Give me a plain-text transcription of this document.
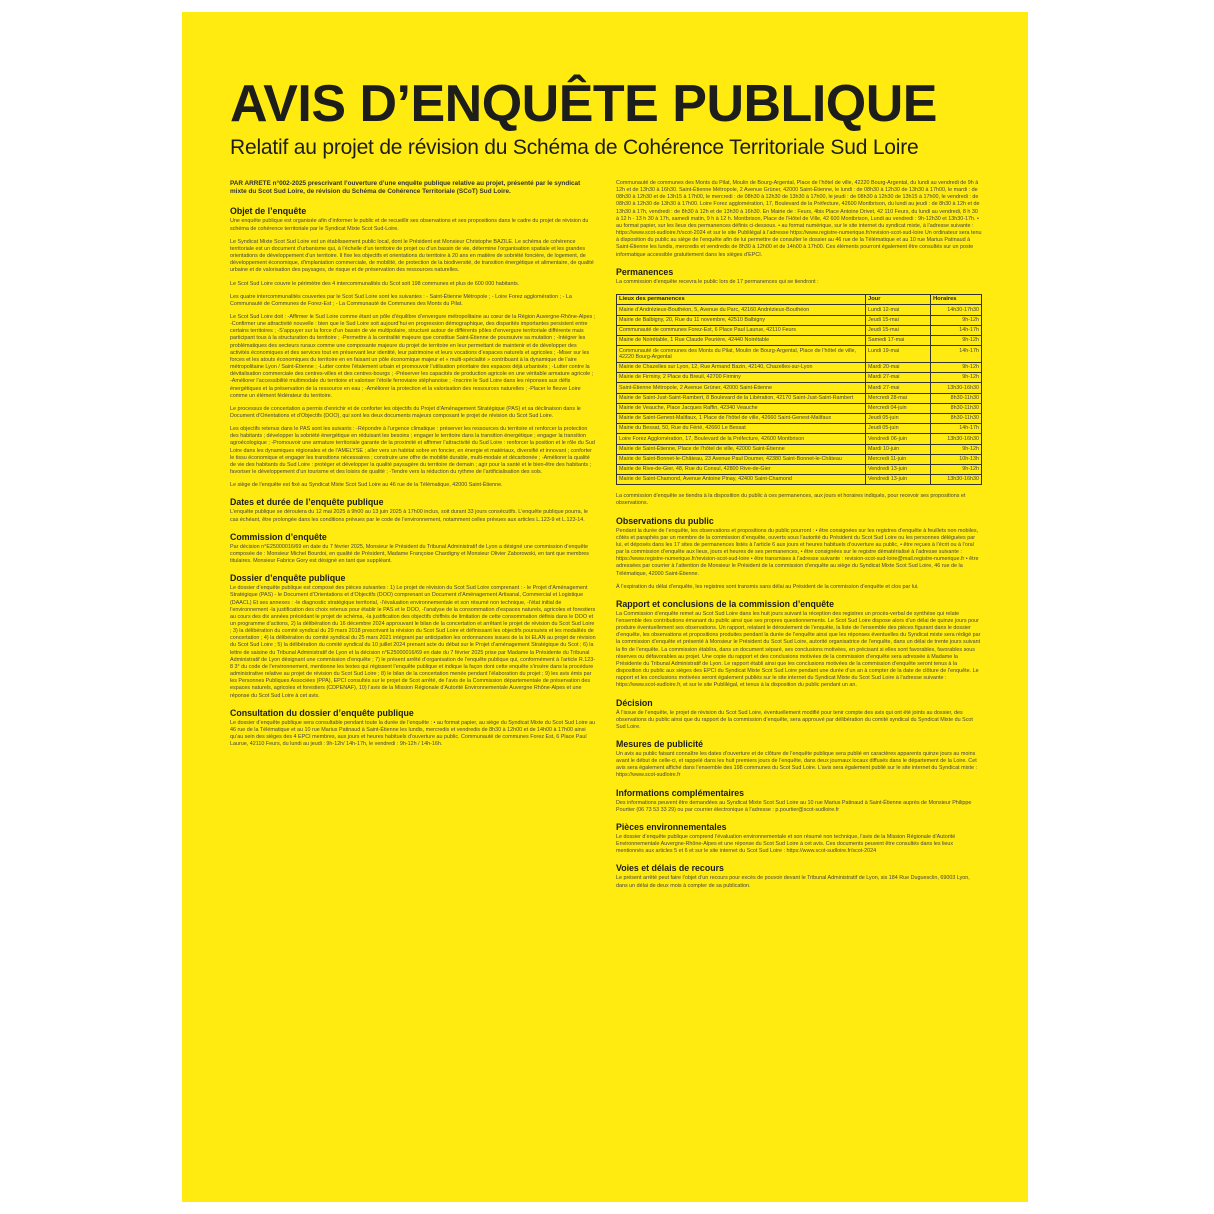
AVIS D’ENQUÊTE PUBLIQUE
Relatif au projet de révision du Schéma de Cohérence Territoriale Sud Loire

PAR ARRÊTÉ n°002-2025 prescrivant l’ouverture d’une enquête publique relative au projet, présenté par le syndicat mixte du Scot Sud Loire, de révision du Schéma de Cohérence Territoriale (SCoT) Sud Loire.

Objet de l’enquête

Une enquête publique est organisée afin d’informer le public et de recueillir ses observations et ses propositions dans le cadre du projet de révision du schéma de cohérence territoriale par le Syndicat Mixte Scot Sud-Loire.

Le Syndicat Mixte Scot Sud Loire est un établissement public local, dont le Président est Monsieur Christophe BAZILE. Le schéma de cohérence territoriale est un document d’urbanisme qui, à l’échelle d’un territoire de projet ou d’un bassin de vie, détermine l’organisation spatiale et les grandes orientations de développement d’un territoire. Il fixe les objectifs et orientations du territoire à 20 ans en matière de sobriété foncière, de logement, de développement économique, d’implantation commerciale, de mobilité, de protection de la biodiversité, de transition énergétique et alimentaire, de qualité urbaine et de valorisation des paysages, de risque et de préservation des ressources naturelles.

Le Scot Sud Loire couvre le périmètre des 4 intercommunalités du Scot soit 198 communes et plus de 600 000 habitants.

Les quatre intercommunalités couvertes par le Scot Sud Loire sont les suivantes : - Saint-Étienne Métropole ; - Loire Forez agglomération ; - La Communauté de Communes de Forez-Est ; - La Communauté de Communes des Monts du Pilat.

Le Scot Sud Loire doit : -Affirmer le Sud Loire comme étant un pôle d’équilibre d’envergure métropolitaine au cœur de la Région Auvergne-Rhône-Alpes ; -Confirmer une attractivité nouvelle : bien que le Sud Loire soit aujourd’hui en progression démographique, des disparités importantes persistent entre certains territoires ; -S’appuyer sur la force d’un bassin de vie multipolaire, structuré autour de différents pôles d’envergure territoriale différente mais participant tous à la structuration du territoire ; -Permettre à la centralité majeure que constitue Saint-Étienne de poursuivre sa mutation ; -Intégrer les problématiques des secteurs ruraux comme une composante majeure du projet de territoire en leur permettant de maintenir et de développer des activités économiques et des services tout en préservant leur identité, leur patrimoine et leurs vocations d’espaces naturels et agricoles ; -Miser sur les forces et les atouts économiques du territoire en en faisant un pôle économique majeur et « multi-spécialité » contribuant à la dynamique de l’aire métropolitaine Lyon / Saint-Étienne ; -Lutter contre l’étalement urbain et promouvoir l’utilisation prioritaire des espaces déjà urbanisés ; -Lutter contre la dévitalisation commerciale des centres-villes et des centres-bourgs ; -Préserver les capacités de production agricole en une véritable armature agricole ; -Améliorer l’accessibilité multimodale du territoire et valoriser l’étoile ferroviaire stéphanoise ; -Inscrire le Sud Loire dans les réponses aux défis énergétiques et la préservation de la ressource en eau ; -Améliorer la protection et la valorisation des ressources naturelles ; -Placer le fleuve Loire comme un élément fédérateur du territoire.

Le processus de concertation a permis d’enrichir et de conforter les objectifs du Projet d’Aménagement Stratégique (PAS) et sa déclinaison dans le Document d’Orientations et d’Objectifs (DOO), qui sont les deux documents majeurs composant le projet de révision du Scot Sud Loire.

Les objectifs retenus dans le PAS sont les suivants : -Répondre à l’urgence climatique : préserver les ressources du territoire et renforcer la protection des habitants ; développer la sobriété énergétique en réduisant les besoins ; engager le territoire dans la transition énergétique ; engager la transition agroécologique ; -Promouvoir une armature territoriale garante de la proximité et affirmer l’attractivité du Sud Loire : renforcer la position et le rôle du Sud Loire dans les dynamiques régionales et de l’AMELYSE ; aller vers un habitat sobre en foncier, en énergie et matériaux, diversifié et innovant ; conforter le tissu économique et engager les transitions nécessaires ; construire une offre de mobilité durable, multi-modale et décarbonée ; -Améliorer la qualité de vie des habitants du Sud Loire : protéger et développer la qualité paysagère du territoire de demain ; agir pour la santé et le bien-être des habitants ; favoriser le développement d’un tourisme et des loisirs de qualité ; -Tendre vers la réduction du rythme de l’artificialisation des sols.

Le siège de l’enquête est fixé au Syndicat Mixte Scot Sud Loire au 46 rue de la Télématique, 42000 Saint-Étienne.

Dates et durée de l’enquête publique

L’enquête publique se déroulera du 12 mai 2025 à 9h00 au 13 juin 2025 à 17h00 inclus, soit durant 33 jours consécutifs. L’enquête publique pourra, le cas échéant, être prolongée dans les conditions prévues par le code de l’environnement, notamment celles prévues aux articles L.123-9 et L.123-14.

Commission d’enquête

Par décision n°E25000016/69 en date du 7 février 2025, Monsieur le Président du Tribunal Administratif de Lyon a désigné une commission d’enquête composée de : Monsieur Michel Bourdoi, en qualité de Président, Madame Françoise Chardigny et Monsieur Olivier Zaborowski, en tant que membres titulaires. Monsieur Fabrice Gory est désigné en tant que suppléant.

Dossier d’enquête publique

Le dossier d’enquête publique est composé des pièces suivantes : 1) Le projet de révision du Scot Sud Loire comprenant : - le Projet d’Aménagement Stratégique (PAS) - le Document d’Orientations et d’Objectifs (DOO) comprenant un Document d’Aménagement Artisanal, Commercial et Logistique (DAACL) Et ses annexes : -le diagnostic stratégique territorial, -l’évaluation environnementale et son résumé non technique, -l’état initial de l’environnement -la justification des choix retenus pour établir le PAS et le DOO, -l’analyse de la consommation d’espaces naturels, agricoles et forestiers au cours des dix années précédant le projet de schéma, -la justification des objectifs chiffrés de limitation de cette consommation définis dans le DOO et un programme d’actions, 2) la délibération du 16 décembre 2024 approuvant le bilan de la concertation et arrêtant le projet de révision du Scot Sud Loire ; 3) la délibération du comité syndical du 29 mars 2018 prescrivant la révision du Scot Sud Loire et définissant les objectifs poursuivis et les modalités de concertation ; 4) la délibération du comité syndical du 25 mars 2021 intégrant par anticipation les ordonnances issues de la loi ELAN au projet de révision du Scot Sud Loire ; 5) la délibération du comité syndical du 10 juillet 2024 prenant acte du débat sur le Projet d’aménagement Stratégique du Scot ; 6) la lettre de saisine du Tribunal Administratif de Lyon et la décision n°E25000016/69 en date du 7 février 2025 prise par Madame la Présidente du Tribunal Administratif de Lyon désignant une commission d’enquête ; 7) le présent arrêté d’organisation de l’enquête publique qui, conformément à l’article R.123-8 3° du code de l’environnement, mentionne les textes qui régissent l’enquête publique et indique la façon dont cette enquête s’insère dans la procédure administrative relative au projet de révision du Scot Sud Loire ; 8) le bilan de la concertation menée pendant l’élaboration du projet ; 9) les avis émis par les Personnes Publiques Associées (PPA), EPCI consultés sur le projet de Scot arrêté, de l’avis de la Commission départementale de préservation des espaces naturels, agricoles et forestiers (CDPENAF), 10) l’avis de la Mission Régionale d’Autorité Environnementale Auvergne Rhône-Alpes et une réponse du Scot Sud Loire à cet avis.

Consultation du dossier d’enquête publique

Le dossier d’enquête publique sera consultable pendant toute la durée de l’enquête : • au format papier, au siège du Syndicat Mixte du Scot Sud Loire au 46 rue de la Télématique et au 10 rue Marius Patinaud à Saint-Étienne les lundis, mercredis et vendredis de 8h30 à 12h00 et de 14h00 à 17h00 ainsi qu’au sein des sièges des 4 EPCI membres, aux jours et heures habituels d’ouverture au public. Communauté de communes Forez Est, 6 Place Paul Laurue, 42110 Feurs, du lundi au jeudi : 9h-12h/ 14h-17h, le vendredi : 9h-12h / 14h-16h.

Communauté de communes des Monts du Pilat, Moulin de Bourg-Argental, Place de l’hôtel de ville, 42220 Bourg-Argental, du lundi au vendredi de 9h à 12h et de 13h30 à 16h30. Saint-Étienne Métropole, 2 Avenue Grüner, 42000 Saint-Étienne, le lundi : de 08h30 à 12h30 de 13h30 à 17h00, le mardi : de 08h30 à 12h30 et de 13h15 à 17h00, le mercredi : de 08h30 à 12h30 de 13h30 à 17h00, le jeudi : de 08h30 à 12h30 de 13h15 à 17h00, le vendredi : de 08h30 à 12h30 de 13h30 à 17h00. Loire Forez agglomération, 17, Boulevard de la Préfecture, 42600 Montbrison, du lundi au jeudi : de 8h30 à 12h et de 13h30 à 17h, vendredi : de 8h30 à 12h et de 13h30 à 16h30. En Mairie de : Feurs, 4bis Place Antoine Drivet, 42 110 Feurs, du lundi au vendredi, 8 h 30 à 12 h - 13 h 30 à 17h, samedi matin, 9 h à 12 h. Montbrison, Place de l’Hôtel de Ville, 42 600 Montbrison, Lundi au vendredi : 9h-12h30 et 13h30-17h. • au format papier, sur les lieux des permanences définis ci-dessous. • au format numérique, sur le site internet du syndicat mixte, à l’adresse suivante : https://www.scot-sudloire.fr/scot-2024 et sur le site Publilégal à l’adresse https://www.registre-numerique.fr/revision-scot-sud-loire Un ordinateur sera tenu à disposition du public au siège de l’enquête afin de lui permettre de consulter le dossier au 46 rue de la Télématique et au 10 rue Marius Patinaud à Saint-Étienne les lundis, mercredis et vendredis de 8h30 à 12h00 et de 14h00 à 17h00. Ces éléments pourront également être consultés sur un poste informatique accessible gratuitement dans les sièges d’EPCI.

Permanences

La commission d’enquête recevra le public lors de 17 permanences qui se tiendront :

Lieux des permanences	Jour	Horaires
Mairie d’Andrézieux-Bouthéon, 5, Avenue du Parc, 42160 Andrézieux-Bouthéon	Lundi 12-mai	14h30-17h30
Mairie de Balbigny, 20, Rue du 11 novembre, 42510 Balbigny	Jeudi 15-mai	9h-12h
Communauté de communes Forez-Est, 6 Place Paul Laurue, 42110 Feurs	Jeudi 15-mai	14h-17h
Mairie de Noirétable, 1 Rue Claude Peurière, 42440 Noirétable	Samedi 17-mai	9h-12h
Communauté de communes des Monts du Pilat, Moulin de Bourg-Argental, Place de l’hôtel de ville, 42220 Bourg-Argental	Lundi 19-mai	14h-17h
Mairie de Chazelles sur Lyon, 12, Rue Armand Bazin, 42140, Chazelles-sur-Lyon	Mardi 20-mai	9h-12h
Mairie de Firminy, 2 Place du Breuil, 42700 Firminy	Mardi 27-mai	9h-12h
Saint-Étienne Métropole, 2 Avenue Grüner, 42000 Saint-Étienne	Mardi 27-mai	13h30-16h30
Mairie de Saint-Just-Saint-Rambert, 8 Boulevard de la Libération, 42170 Saint-Just-Saint-Rambert	Mercredi 28-mai	8h30-11h30
Mairie de Veauche, Place Jacques Raffin, 42340 Veauche	Mercredi 04-juin	8h30-11h30
Mairie de Saint-Genest-Malifaux, 1 Place de l’hôtel de ville, 42660 Saint-Genest-Malifaux	Jeudi 05-juin	8h30-11h30
Mairie du Bessat, 50, Rue du Férié, 42660 Le Bessat	Jeudi 05-juin	14h-17h
Loire Forez Agglomération, 17, Boulevard de la Préfecture, 42600 Montbrison	Vendredi 06-juin	13h30-16h30
Mairie de Saint-Étienne, Place de l’hôtel de ville, 42000 Saint-Étienne	Mardi 10-juin	9h-12h
Mairie de Saint-Bonnet-le-Château, 23 Avenue Paul Doumer, 42380 Saint-Bonnet-le-Château	Mercredi 11-juin	10h-13h
Mairie de Rive-de-Gier, 48, Rue du Consul, 42800 Rive-de-Gier	Vendredi 13-juin	9h-12h
Mairie de Saint-Chamond, Avenue Antoine Pinay, 42400 Saint-Chamond	Vendredi 13-juin	13h30-16h30

La commission d’enquête se tiendra à la disposition du public à ces permanences, aux jours et horaires indiqués, pour recevoir ses propositions et observations.

Observations du public

Pendant la durée de l’enquête, les observations et propositions du public pourront : • être consignées sur les registres d’enquête à feuillets non mobiles, côtés et paraphés par un membre de la commission d’enquête, ouverts sous l’autorité du Président du Scot Sud Loire ou les personnes déléguées par lui, et déposés dans les 17 sites de permanences listés à l’article 6 aux jours et heures habituels d’ouverture au public, • être reçues à l’écrit ou à l’oral par la commission d’enquête aux lieux, jours et heures de ses permanences, • être consignées sur le registre dématérialisé à l’adresse suivante : https://www.registre-numerique.fr/revision-scot-sud-loire • être transmises à l’adresse suivante : revision-scot-sud-loire@mail.registre-numerique.fr • être adressées par courrier à l’attention de Monsieur le Président de la commission d’enquête au siège du Syndicat Mixte Scot Sud Loire, 46 rue de la Télématique, 42000 Saint-Étienne.

À l’expiration du délai d’enquête, les registres sont transmis sans délai au Président de la commission d’enquête et clos par lui.

Rapport et conclusions de la commission d’enquête

La Commission d’enquête remet au Scot Sud Loire dans les huit jours suivant la réception des registres un procès-verbal de synthèse qui relate l’ensemble des contributions émanant du public ainsi que ses propres questionnements. Le Scot Sud Loire dispose alors d’un délai de quinze jours pour produire éventuellement ses observations. Un rapport, relatant le déroulement de l’enquête, la liste de l’ensemble des pièces figurant dans le dossier d’enquête, les observations et propositions produites pendant la durée de l’enquête ainsi que les réponses éventuelles du Syndicat mixte sera rédigé par la commission d’enquête et présenté à Monsieur le Président du Scot Sud Loire, autorité organisatrice de l’enquête, dans un délai de trente jours suivant la fin de l’enquête. La commission établira, dans un document séparé, ses conclusions motivées, en précisant si elles sont favorables, favorables sous réserves ou défavorables au projet. Une copie du rapport et des conclusions motivées de la commission d’enquête sera adressée à Madame la Présidente du Tribunal Administratif de Lyon. Le rapport établi ainsi que les conclusions motivées de la commission d’enquête seront tenus à la disposition du public aux sièges des EPCI du Syndicat Mixte Scot Sud Loire pendant une durée d’un an à compter de la date de clôture de l’enquête. Le rapport et les conclusions motivées seront également publiés sur le site internet du Syndicat Mixte du Scot Sud Loire à l’adresse suivante : https://www.scot-sudloire.fr, et sur le site Publilégal, et tenus à la disposition du public pendant un an.

Décision

À l’issue de l’enquête, le projet de révision du Scot Sud Loire, éventuellement modifié pour tenir compte des avis qui ont été joints au dossier, des observations du public ainsi que du rapport de la commission d’enquête, sera approuvé par délibération du comité syndical du Syndicat Mixte du Scot Sud Loire.

Mesures de publicité

Un avis au public faisant connaître les dates d’ouverture et de clôture de l’enquête publique sera publié en caractères apparents quinze jours au moins avant le début de celle-ci, et rappelé dans les huit premiers jours de l’enquête, dans deux journaux locaux diffusés dans le département de la Loire. Cet avis sera également affiché dans l’ensemble des 198 communes du Scot Sud Loire. L’avis sera également publié sur le site internet du Syndicat mixte : https://www.scot-sudloire.fr

Informations complémentaires

Des informations peuvent être demandées au Syndicat Mixte Scot Sud Loire au 10 rue Marius Patinaud à Saint-Étienne auprès de Monsieur Philippe Pourtier (06 73 53 33 29) ou par courrier électronique à l’adresse : p.pourtier@scot-sudloire.fr

Pièces environnementales

Le dossier d’enquête publique comprend l’évaluation environnementale et son résumé non technique, l’avis de la Mission Régionale d’Autorité Environnementale Auvergne-Rhône-Alpes et une réponse du Scot Sud Loire à cet avis. Ces documents peuvent être consultés dans les lieux mentionnés aux articles 5 et 6 et sur le site internet du Scot Sud Loire : https://www.scot-sudloire.fr/scot-2024

Voies et délais de recours

Le présent arrêté peut faire l’objet d’un recours pour excès de pouvoir devant le Tribunal Administratif de Lyon, sis 184 Rue Duguesclin, 69003 Lyon, dans un délai de deux mois à compter de sa publication.
